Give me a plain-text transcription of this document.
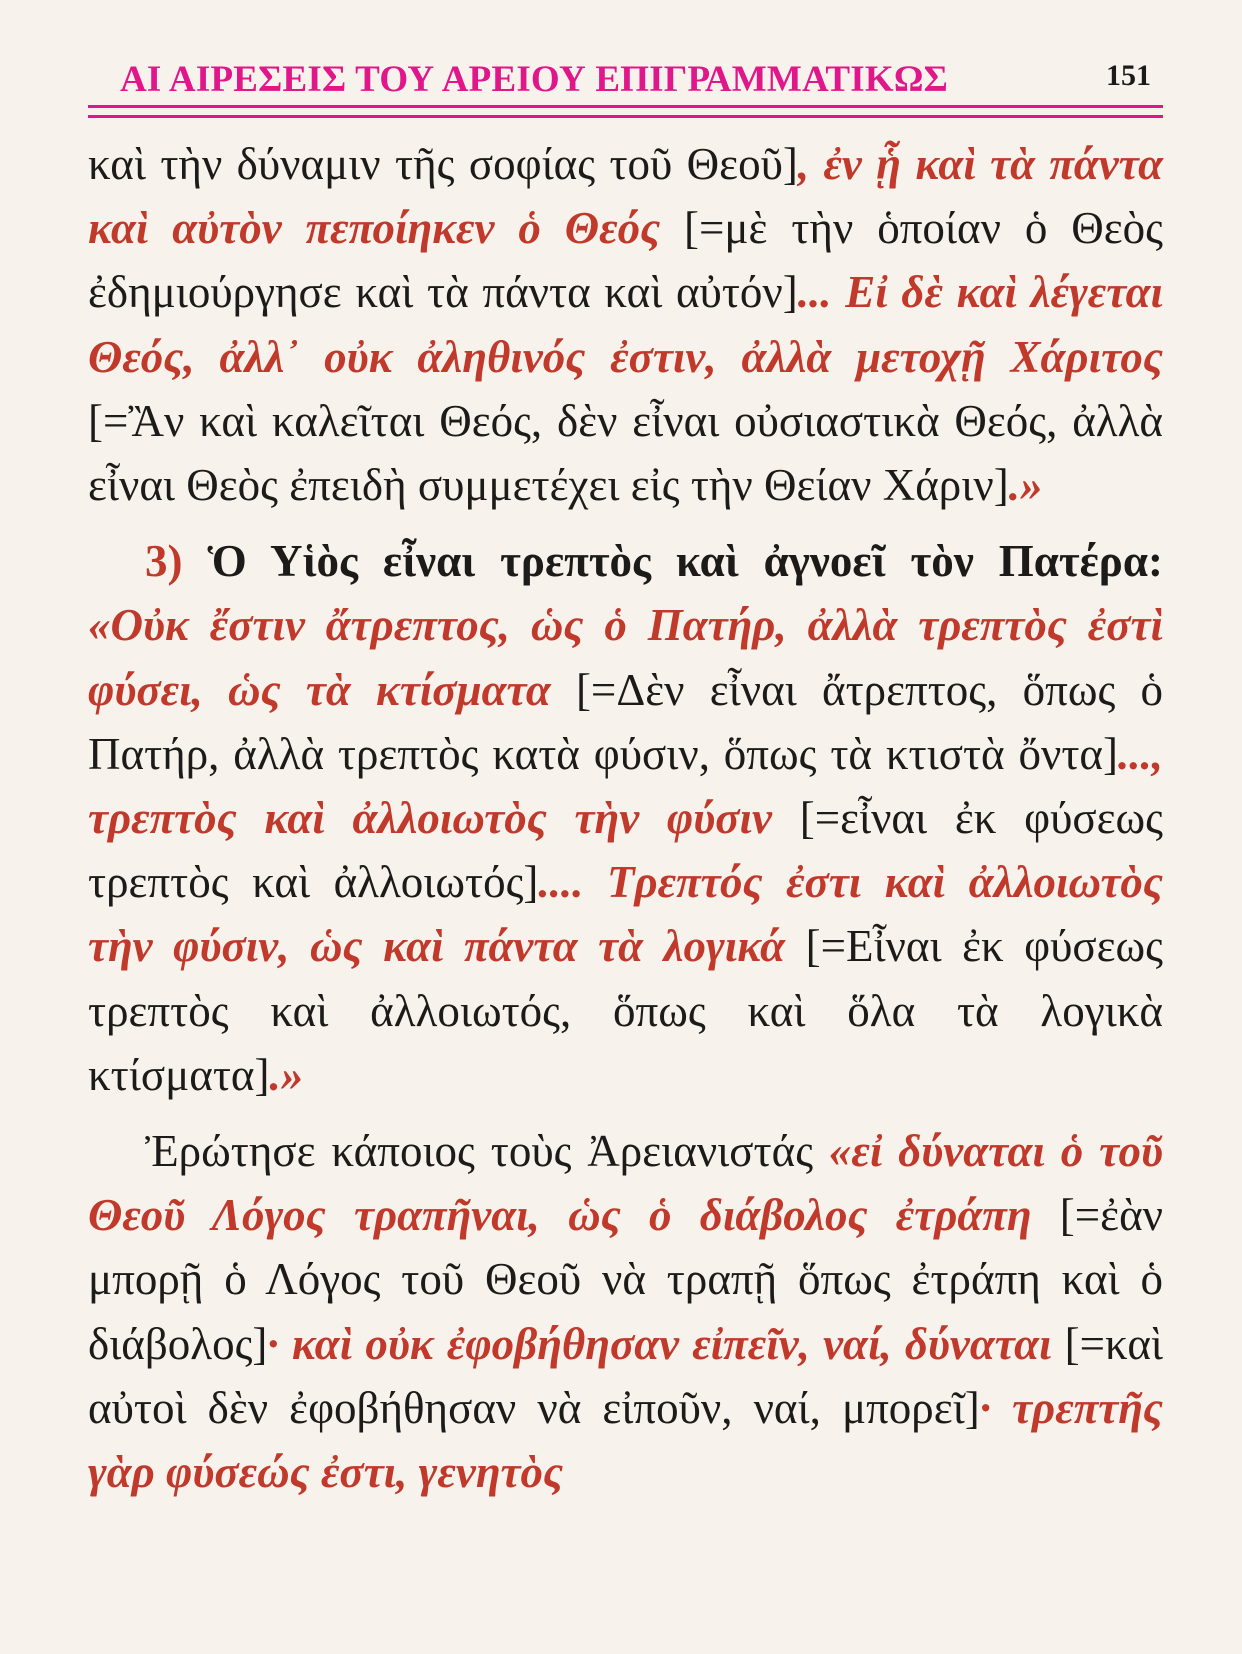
ΑΙ ΑΙΡΕΣΕΙΣ ΤΟΥ ΑΡΕΙΟΥ ΕΠΙΓΡΑΜΜΑΤΙΚΩΣ	151

καὶ τὴν δύναμιν τῆς σοφίας τοῦ Θεοῦ], ἐν ᾗ καὶ τὰ πάντα καὶ αὐτὸν πεποίηκεν ὁ Θεός [=μὲ τὴν ὁποίαν ὁ Θεὸς ἐδημιούργησε καὶ τὰ πάντα καὶ αὐτόν]... Εἰ δὲ καὶ λέγεται Θεός, ἀλλ᾽ οὐκ ἀληθινός ἐστιν, ἀλλὰ μετοχῇ Χάριτος [=Ἂν καὶ καλεῖται Θεός, δὲν εἶναι οὐσιαστικὰ Θεός, ἀλλὰ εἶναι Θεὸς ἐπειδὴ συμμετέχει εἰς τὴν Θείαν Χάριν].»

3) Ὁ Υἱὸς εἶναι τρεπτὸς καὶ ἀγνοεῖ τὸν Πατέρα: «Οὐκ ἔστιν ἄτρεπτος, ὡς ὁ Πατήρ, ἀλλὰ τρεπτὸς ἐστὶ φύσει, ὡς τὰ κτίσματα [=Δὲν εἶναι ἄτρεπτος, ὅπως ὁ Πατήρ, ἀλλὰ τρεπτὸς κατὰ φύσιν, ὅπως τὰ κτιστὰ ὄντα]..., τρεπτὸς καὶ ἀλλοιωτὸς τὴν φύσιν [=εἶναι ἐκ φύσεως τρεπτὸς καὶ ἀλλοιωτός].... Τρεπτός ἐστι καὶ ἀλλοιωτὸς τὴν φύσιν, ὡς καὶ πάντα τὰ λογικά [=Εἶναι ἐκ φύσεως τρεπτὸς καὶ ἀλλοιωτός, ὅπως καὶ ὅλα τὰ λογικὰ κτίσματα].»

Ἐρώτησε κάποιος τοὺς Ἀρειανιστάς «εἰ δύναται ὁ τοῦ Θεοῦ Λόγος τραπῆναι, ὡς ὁ διάβολος ἐτράπη [=ἐὰν μπορῇ ὁ Λόγος τοῦ Θεοῦ νὰ τραπῇ ὅπως ἐτράπη καὶ ὁ διάβολος]· καὶ οὐκ ἐφοβήθησαν εἰπεῖν, ναί, δύναται [=καὶ αὐτοὶ δὲν ἐφοβήθησαν νὰ εἰποῦν, ναί, μπορεῖ]· τρεπτῆς γὰρ φύσεώς ἐστι, γενητὸς
